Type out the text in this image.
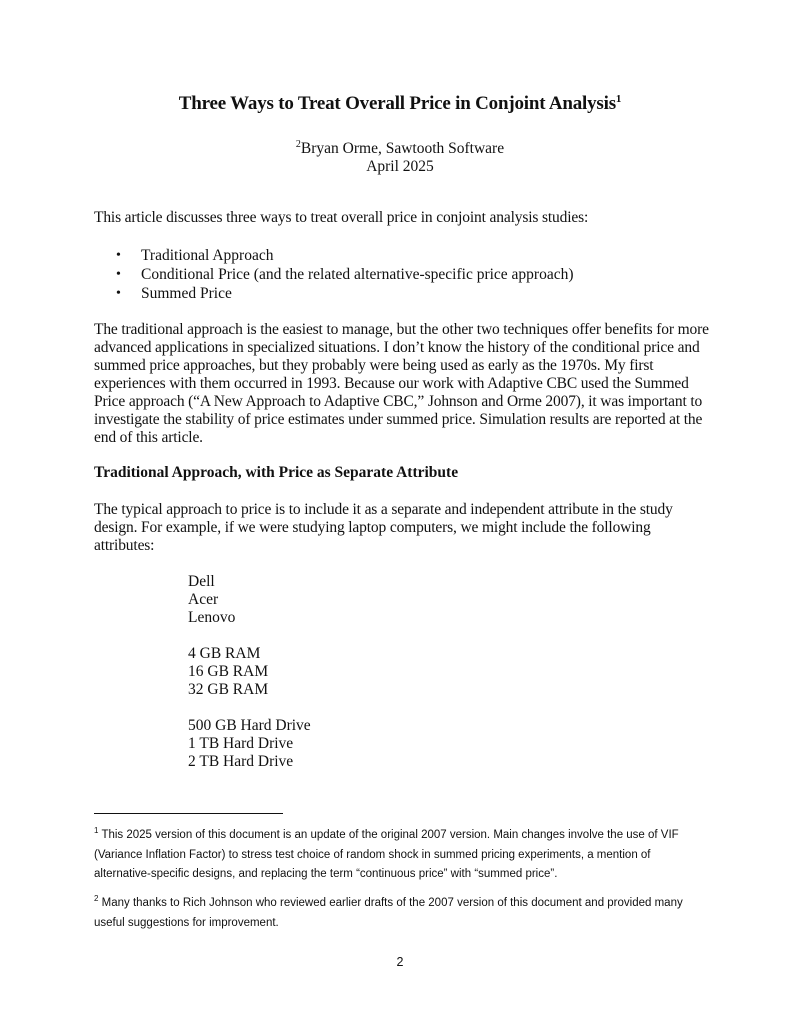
Three Ways to Treat Overall Price in Conjoint Analysis$^1$
$^2$Bryan Orme, Sawtooth Software
April 2025
This article discusses three ways to treat overall price in conjoint analysis studies:
• Traditional Approach
• Conditional Price (and the related alternative-specific price approach)
• Summed Price
The traditional approach is the easiest to manage, but the other two techniques offer benefits for more advanced applications in specialized situations. I don’t know the history of the conditional price and summed price approaches, but they probably were being used as early as the 1970s. My first experiences with them occurred in 1993. Because our work with Adaptive CBC used the Summed Price approach (“A New Approach to Adaptive CBC,” Johnson and Orme 2007), it was important to investigate the stability of price estimates under summed price. Simulation results are reported at the end of this article.
Traditional Approach, with Price as Separate Attribute
The typical approach to price is to include it as a separate and independent attribute in the study design. For example, if we were studying laptop computers, we might include the following attributes:
Dell
Acer
Lenovo
4 GB RAM
16 GB RAM
32 GB RAM
500 GB Hard Drive
1 TB Hard Drive
2 TB Hard Drive
$^1$ This 2025 version of this document is an update of the original 2007 version. Main changes involve the use of VIF (Variance Inflation Factor) to stress test choice of random shock in summed pricing experiments, a mention of alternative-specific designs, and replacing the term “continuous price” with “summed price”.
$^2$ Many thanks to Rich Johnson who reviewed earlier drafts of the 2007 version of this document and provided many useful suggestions for improvement.
2
